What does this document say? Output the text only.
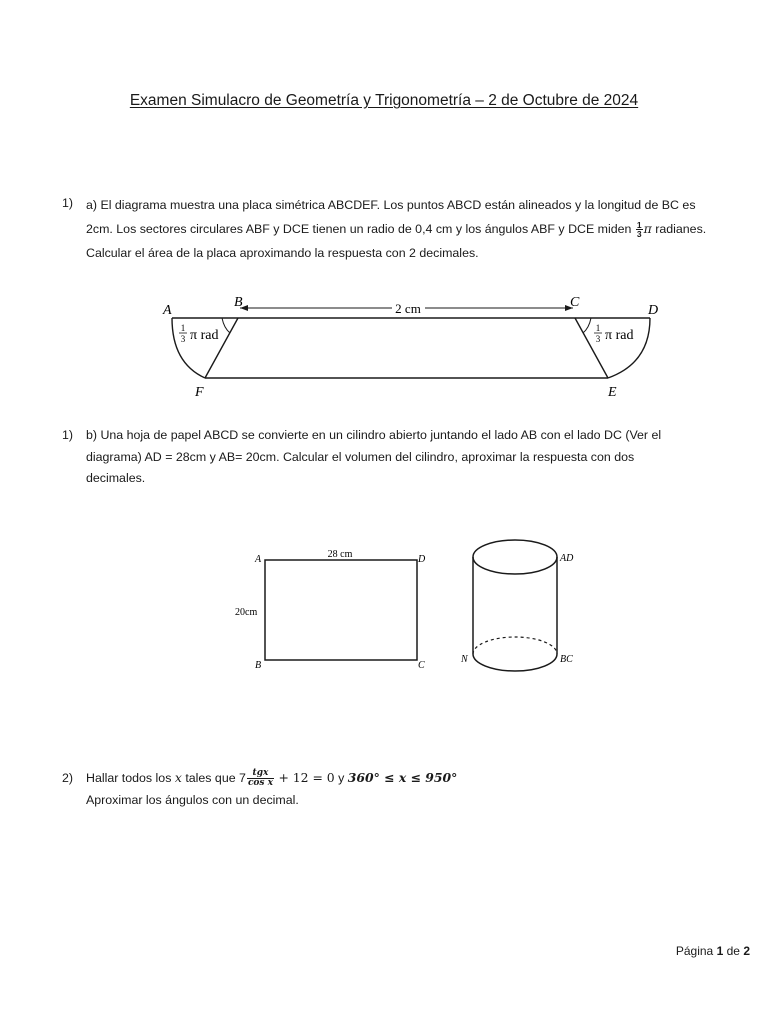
Examen Simulacro de Geometría y Trigonometría – 2 de Octubre de 2024
1) a) El diagrama muestra una placa simétrica ABCDEF. Los puntos ABCD están alineados y la longitud de BC es
2cm. Los sectores circulares ABF y DCE tienen un radio de 0,4 cm y los ángulos ABF y DCE miden $\frac{1}{3}$ π radianes.
Calcular el área de la placa aproximando la respuesta con 2 decimales.
2 cm
A
B	C
D
F	E
1
3 π rad	1
3 π rad
1) b) Una hoja de papel ABCD se convierte en un cilindro abierto juntando el lado AB con el lado DC (Ver el
diagrama) AD = 28cm y AB= 20cm. Calcular el volumen del cilindro, aproximar la respuesta con dos
decimales.
A	D
B	C
28 cm
20cm
AD
BC
N
2) Hallar todos los x tales que $7 \frac{\text{tgx}}{\text{cos x}} + 12 = 0$ y 360° ≤ x ≤ 950°
Aproximar los ángulos con un decimal.
Página 1 de 2
